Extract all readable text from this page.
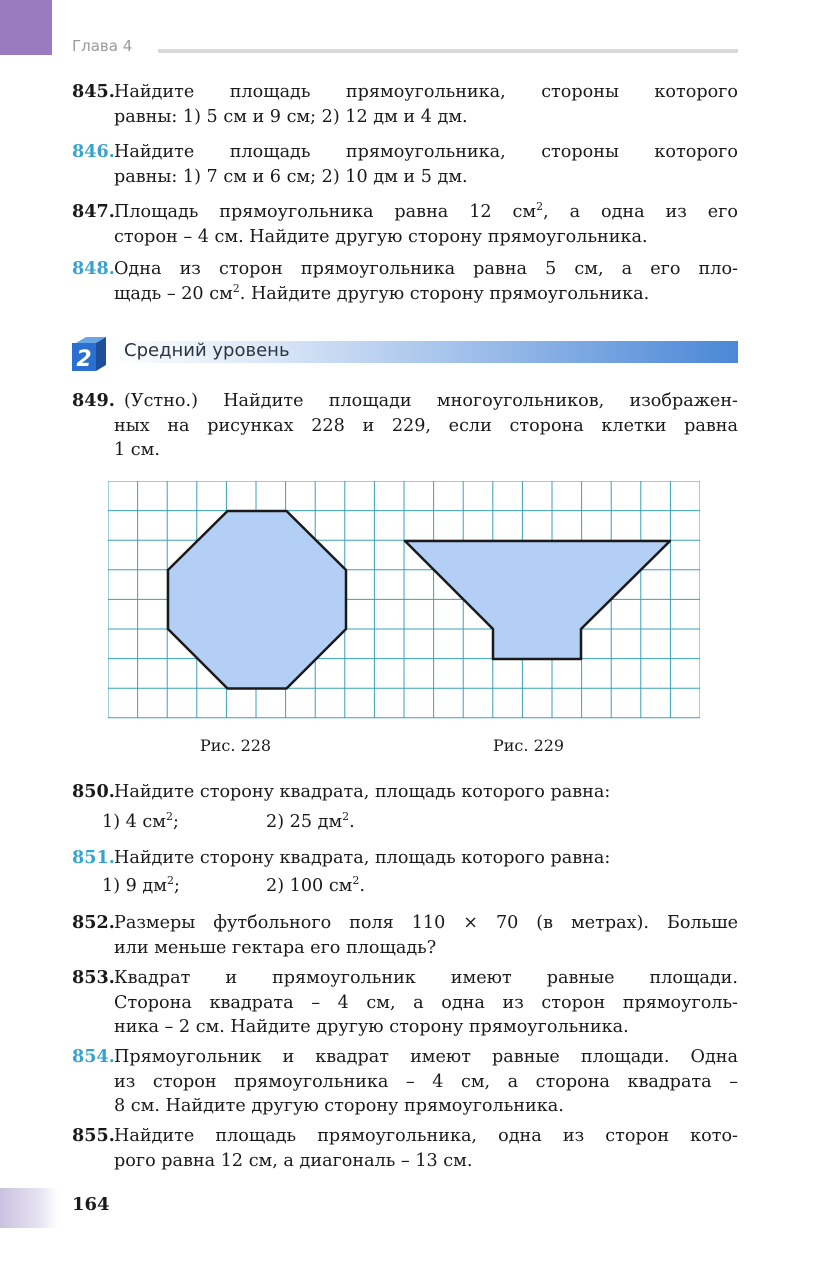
Глава 4
845. Найдите площадь прямоугольника, стороны которого
равны: 1) 5 см и 9 см; 2) 12 дм и 4 дм.
846. Найдите площадь прямоугольника, стороны которого
равны: 1) 7 см и 6 см; 2) 10 дм и 5 дм.
847. Площадь прямоугольника равна 12 $см^2$, а одна из его
сторон – 4 см. Найдите другую сторону прямоугольника.
848. Одна из сторон прямоугольника равна 5 см, а его пло-
щадь – 20 $см^2$. Найдите другую сторону прямоугольника.
2 Средний уровень
849. (Устно.) Найдите площади многоугольников, изображен-
ных на рисунках 228 и 229, если сторона клетки равна
1 см.
Рис. 228	Рис. 229
850. Найдите сторону квадрата, площадь которого равна:
1) 4 $см^2$;	2) 25 $дм^2$.
851. Найдите сторону квадрата, площадь которого равна:
1) 9 $дм^2$;	2) 100 $см^2$.
852. Размеры футбольного поля 110 × 70 (в метрах). Больше
или меньше гектара его площадь?
853. Квадрат и прямоугольник имеют равные площади.
Сторона квадрата – 4 см, а одна из сторон прямоуголь-
ника – 2 см. Найдите другую сторону прямоугольника.
854. Прямоугольник и квадрат имеют равные площади. Одна
из сторон прямоугольника – 4 см, а сторона квадрата –
8 см. Найдите другую сторону прямоугольника.
855. Найдите площадь прямоугольника, одна из сторон кото-
рого равна 12 см, а диагональ – 13 см.
164
